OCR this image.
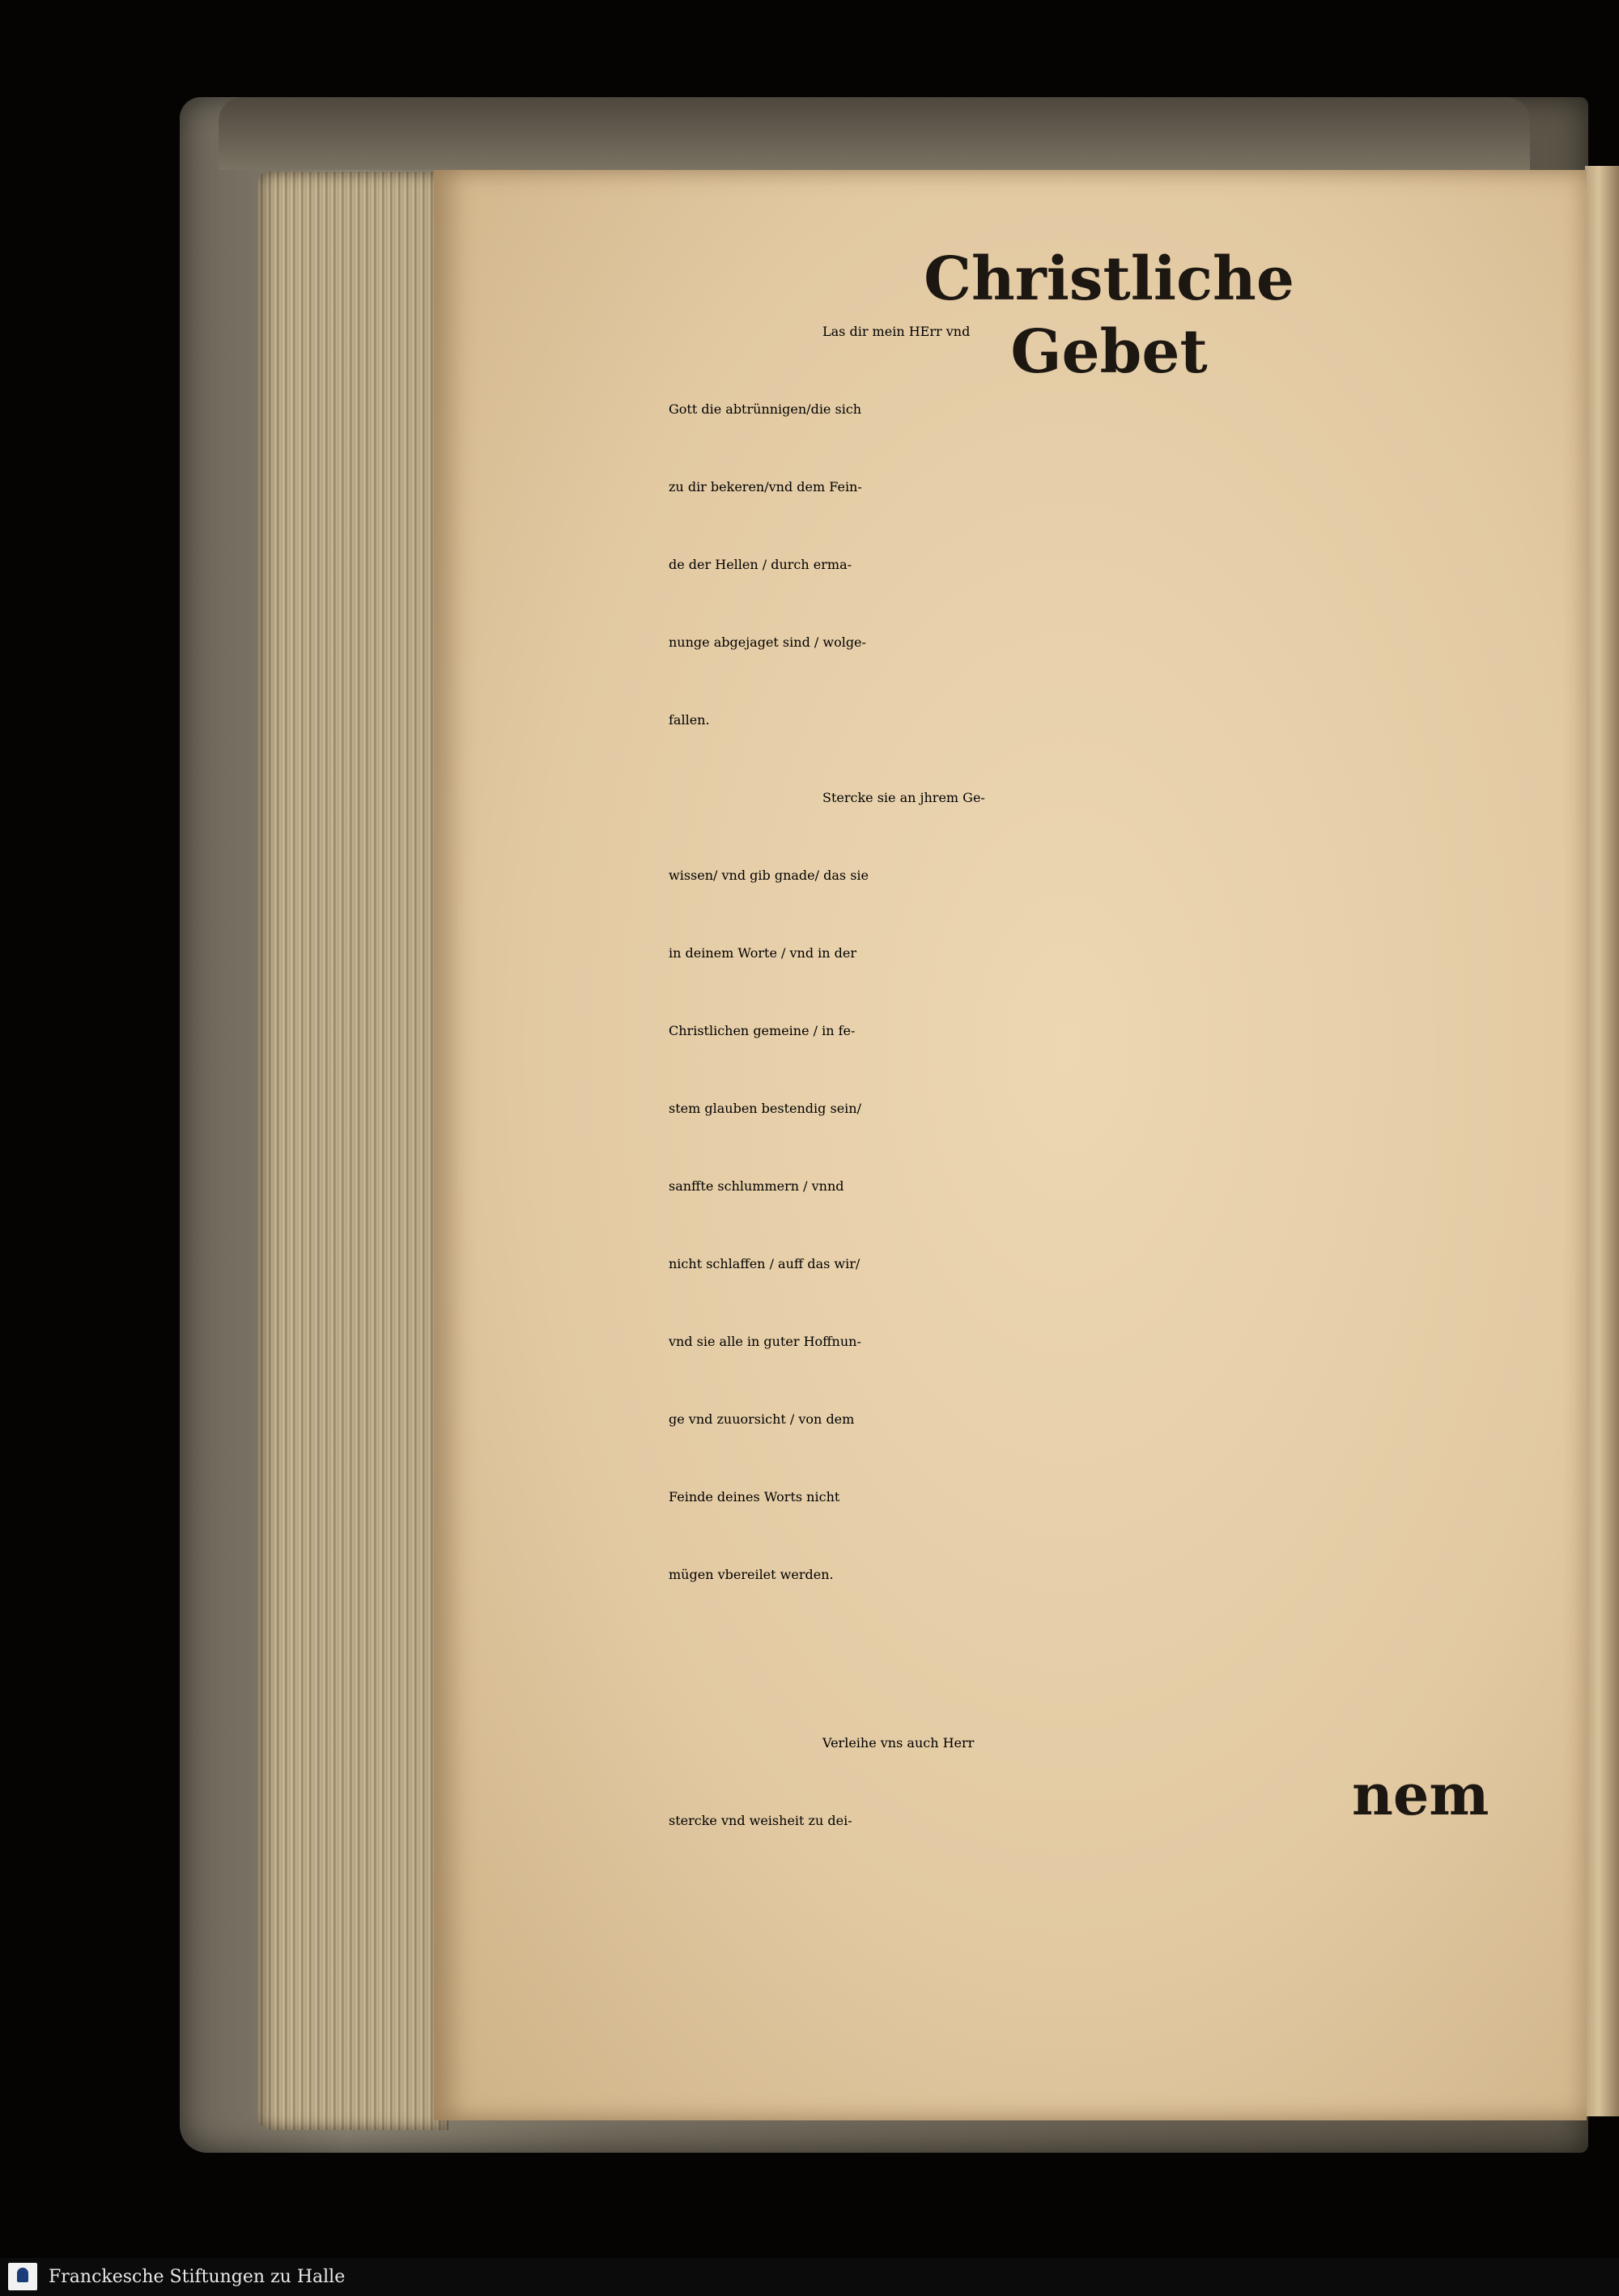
Christliche Gebet
Las dir mein HErr vnd
Gott die abtrünnigen/die sich
zu dir bekeren/vnd dem Fein-
de der Hellen / durch erma-
nunge abgejaget sind / wolge-
fallen.
Stercke sie an jhrem Ge-
wissen/ vnd gib gnade/ das sie
in deinem Worte / vnd in der
Christlichen gemeine / in fe-
stem glauben bestendig sein/
sanffte schlummern / vnnd
nicht schlaffen / auff das wir/
vnd sie alle in guter Hoffnun-
ge vnd zuuorsicht / von dem
Feinde deines Worts nicht
mügen vbereilet werden.
Verleihe vns auch Herr
stercke vnd weisheit zu dei-	nem
Franckesche Stiftungen zu Halle
